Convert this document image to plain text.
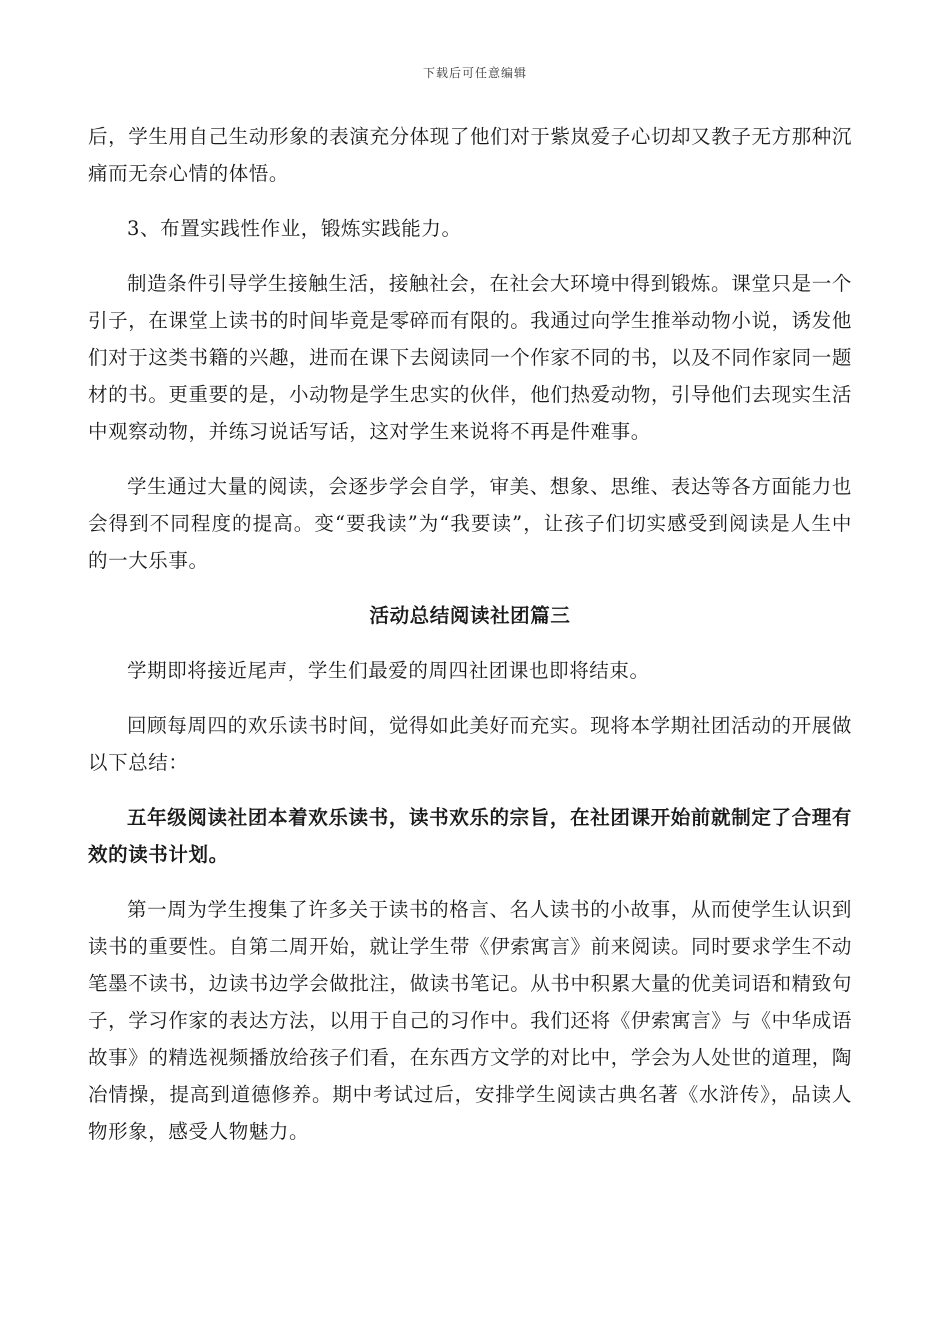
下载后可任意编辑

后，学生用自己生动形象的表演充分体现了他们对于紫岚爱子心切却又教子无方那种沉痛而无奈心情的体悟。

3、布置实践性作业，锻炼实践能力。

制造条件引导学生接触生活，接触社会，在社会大环境中得到锻炼。课堂只是一个引子，在课堂上读书的时间毕竟是零碎而有限的。我通过向学生推举动物小说，诱发他们对于这类书籍的兴趣，进而在课下去阅读同一个作家不同的书，以及不同作家同一题材的书。更重要的是，小动物是学生忠实的伙伴，他们热爱动物，引导他们去现实生活中观察动物，并练习说话写话，这对学生来说将不再是件难事。

学生通过大量的阅读，会逐步学会自学，审美、想象、思维、表达等各方面能力也会得到不同程度的提高。变“要我读”为“我要读”，让孩子们切实感受到阅读是人生中的一大乐事。

活动总结阅读社团篇三

学期即将接近尾声，学生们最爱的周四社团课也即将结束。

回顾每周四的欢乐读书时间，觉得如此美好而充实。现将本学期社团活动的开展做以下总结：

五年级阅读社团本着欢乐读书，读书欢乐的宗旨，在社团课开始前就制定了合理有效的读书计划。

第一周为学生搜集了许多关于读书的格言、名人读书的小故事，从而使学生认识到读书的重要性。自第二周开始，就让学生带《伊索寓言》前来阅读。同时要求学生不动笔墨不读书，边读书边学会做批注，做读书笔记。从书中积累大量的优美词语和精致句子，学习作家的表达方法，以用于自己的习作中。我们还将《伊索寓言》与《中华成语故事》的精选视频播放给孩子们看，在东西方文学的对比中，学会为人处世的道理，陶冶情操，提高到道德修养。期中考试过后，安排学生阅读古典名著《水浒传》，品读人物形象，感受人物魅力。
